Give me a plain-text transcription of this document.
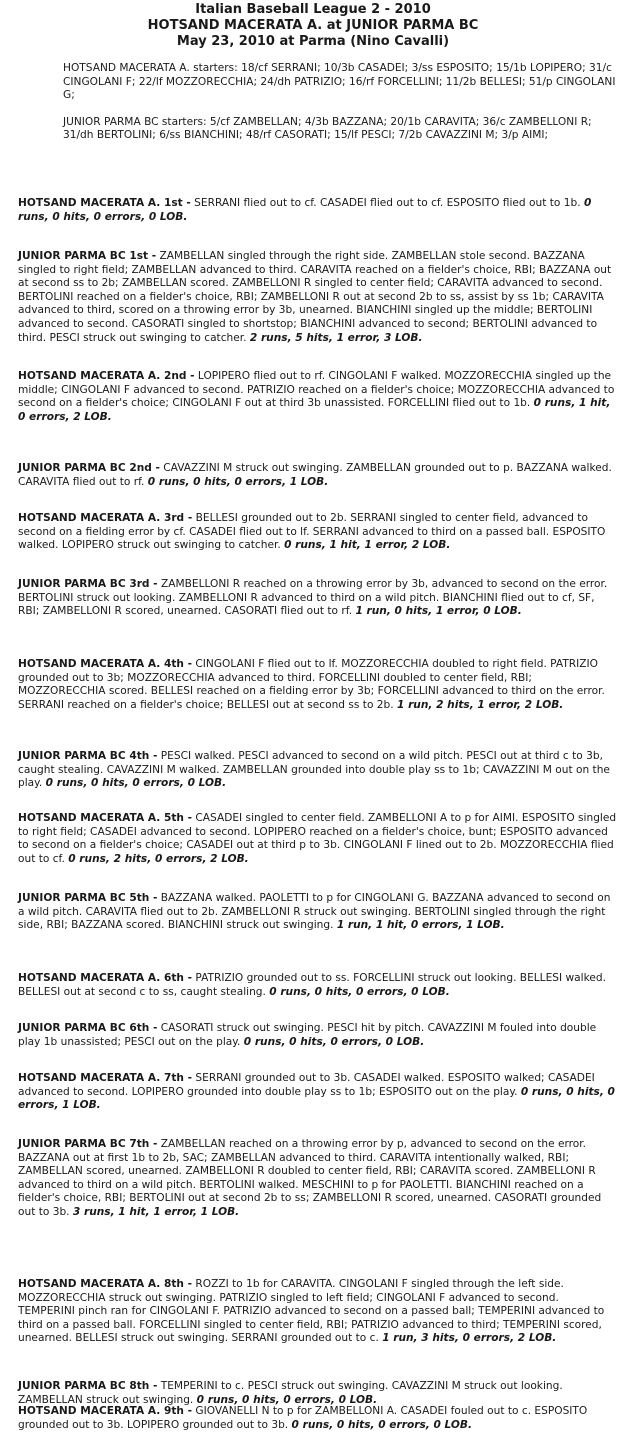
Italian Baseball League 2 - 2010
HOTSAND MACERATA A. at JUNIOR PARMA BC
May 23, 2010 at Parma (Nino Cavalli)

HOTSAND MACERATA A. starters: 18/cf SERRANI; 10/3b CASADEI; 3/ss ESPOSITO; 15/1b LOPIPERO; 31/c CINGOLANI F; 22/lf MOZZORECCHIA; 24/dh PATRIZIO; 16/rf FORCELLINI; 11/2b BELLESI; 51/p CINGOLANI G;

JUNIOR PARMA BC starters: 5/cf ZAMBELLAN; 4/3b BAZZANA; 20/1b CARAVITA; 36/c ZAMBELLONI R; 31/dh BERTOLINI; 6/ss BIANCHINI; 48/rf CASORATI; 15/lf PESCI; 7/2b CAVAZZINI M; 3/p AIMI;

HOTSAND MACERATA A. 1st - SERRANI flied out to cf. CASADEI flied out to cf. ESPOSITO flied out to 1b. 0 runs, 0 hits, 0 errors, 0 LOB.

JUNIOR PARMA BC 1st - ZAMBELLAN singled through the right side. ZAMBELLAN stole second. BAZZANA singled to right field; ZAMBELLAN advanced to third. CARAVITA reached on a fielder's choice, RBI; BAZZANA out at second ss to 2b; ZAMBELLAN scored. ZAMBELLONI R singled to center field; CARAVITA advanced to second. BERTOLINI reached on a fielder's choice, RBI; ZAMBELLONI R out at second 2b to ss, assist by ss 1b; CARAVITA advanced to third, scored on a throwing error by 3b, unearned. BIANCHINI singled up the middle; BERTOLINI advanced to second. CASORATI singled to shortstop; BIANCHINI advanced to second; BERTOLINI advanced to third. PESCI struck out swinging to catcher. 2 runs, 5 hits, 1 error, 3 LOB.

HOTSAND MACERATA A. 2nd - LOPIPERO flied out to rf. CINGOLANI F walked. MOZZORECCHIA singled up the middle; CINGOLANI F advanced to second. PATRIZIO reached on a fielder's choice; MOZZORECCHIA advanced to second on a fielder's choice; CINGOLANI F out at third 3b unassisted. FORCELLINI flied out to 1b. 0 runs, 1 hit, 0 errors, 2 LOB.

JUNIOR PARMA BC 2nd - CAVAZZINI M struck out swinging. ZAMBELLAN grounded out to p. BAZZANA walked. CARAVITA flied out to rf. 0 runs, 0 hits, 0 errors, 1 LOB.

HOTSAND MACERATA A. 3rd - BELLESI grounded out to 2b. SERRANI singled to center field, advanced to second on a fielding error by cf. CASADEI flied out to lf. SERRANI advanced to third on a passed ball. ESPOSITO walked. LOPIPERO struck out swinging to catcher. 0 runs, 1 hit, 1 error, 2 LOB.

JUNIOR PARMA BC 3rd - ZAMBELLONI R reached on a throwing error by 3b, advanced to second on the error. BERTOLINI struck out looking. ZAMBELLONI R advanced to third on a wild pitch. BIANCHINI flied out to cf, SF, RBI; ZAMBELLONI R scored, unearned. CASORATI flied out to rf. 1 run, 0 hits, 1 error, 0 LOB.

HOTSAND MACERATA A. 4th - CINGOLANI F flied out to lf. MOZZORECCHIA doubled to right field. PATRIZIO grounded out to 3b; MOZZORECCHIA advanced to third. FORCELLINI doubled to center field, RBI; MOZZORECCHIA scored. BELLESI reached on a fielding error by 3b; FORCELLINI advanced to third on the error. SERRANI reached on a fielder's choice; BELLESI out at second ss to 2b. 1 run, 2 hits, 1 error, 2 LOB.

JUNIOR PARMA BC 4th - PESCI walked. PESCI advanced to second on a wild pitch. PESCI out at third c to 3b, caught stealing. CAVAZZINI M walked. ZAMBELLAN grounded into double play ss to 1b; CAVAZZINI M out on the play. 0 runs, 0 hits, 0 errors, 0 LOB.

HOTSAND MACERATA A. 5th - CASADEI singled to center field. ZAMBELLONI A to p for AIMI. ESPOSITO singled to right field; CASADEI advanced to second. LOPIPERO reached on a fielder's choice, bunt; ESPOSITO advanced to second on a fielder's choice; CASADEI out at third p to 3b. CINGOLANI F lined out to 2b. MOZZORECCHIA flied out to cf. 0 runs, 2 hits, 0 errors, 2 LOB.

JUNIOR PARMA BC 5th - BAZZANA walked. PAOLETTI to p for CINGOLANI G. BAZZANA advanced to second on a wild pitch. CARAVITA flied out to 2b. ZAMBELLONI R struck out swinging. BERTOLINI singled through the right side, RBI; BAZZANA scored. BIANCHINI struck out swinging. 1 run, 1 hit, 0 errors, 1 LOB.

HOTSAND MACERATA A. 6th - PATRIZIO grounded out to ss. FORCELLINI struck out looking. BELLESI walked. BELLESI out at second c to ss, caught stealing. 0 runs, 0 hits, 0 errors, 0 LOB.

JUNIOR PARMA BC 6th - CASORATI struck out swinging. PESCI hit by pitch. CAVAZZINI M fouled into double play 1b unassisted; PESCI out on the play. 0 runs, 0 hits, 0 errors, 0 LOB.

HOTSAND MACERATA A. 7th - SERRANI grounded out to 3b. CASADEI walked. ESPOSITO walked; CASADEI advanced to second. LOPIPERO grounded into double play ss to 1b; ESPOSITO out on the play. 0 runs, 0 hits, 0 errors, 1 LOB.

JUNIOR PARMA BC 7th - ZAMBELLAN reached on a throwing error by p, advanced to second on the error. BAZZANA out at first 1b to 2b, SAC; ZAMBELLAN advanced to third. CARAVITA intentionally walked, RBI; ZAMBELLAN scored, unearned. ZAMBELLONI R doubled to center field, RBI; CARAVITA scored. ZAMBELLONI R advanced to third on a wild pitch. BERTOLINI walked. MESCHINI to p for PAOLETTI. BIANCHINI reached on a fielder's choice, RBI; BERTOLINI out at second 2b to ss; ZAMBELLONI R scored, unearned. CASORATI grounded out to 3b. 3 runs, 1 hit, 1 error, 1 LOB.

HOTSAND MACERATA A. 8th - ROZZI to 1b for CARAVITA. CINGOLANI F singled through the left side. MOZZORECCHIA struck out swinging. PATRIZIO singled to left field; CINGOLANI F advanced to second. TEMPERINI pinch ran for CINGOLANI F. PATRIZIO advanced to second on a passed ball; TEMPERINI advanced to third on a passed ball. FORCELLINI singled to center field, RBI; PATRIZIO advanced to third; TEMPERINI scored, unearned. BELLESI struck out swinging. SERRANI grounded out to c. 1 run, 3 hits, 0 errors, 2 LOB.

JUNIOR PARMA BC 8th - TEMPERINI to c. PESCI struck out swinging. CAVAZZINI M struck out looking. ZAMBELLAN struck out swinging. 0 runs, 0 hits, 0 errors, 0 LOB.

HOTSAND MACERATA A. 9th - GIOVANELLI N to p for ZAMBELLONI A. CASADEI fouled out to c. ESPOSITO grounded out to 3b. LOPIPERO grounded out to 3b. 0 runs, 0 hits, 0 errors, 0 LOB.
